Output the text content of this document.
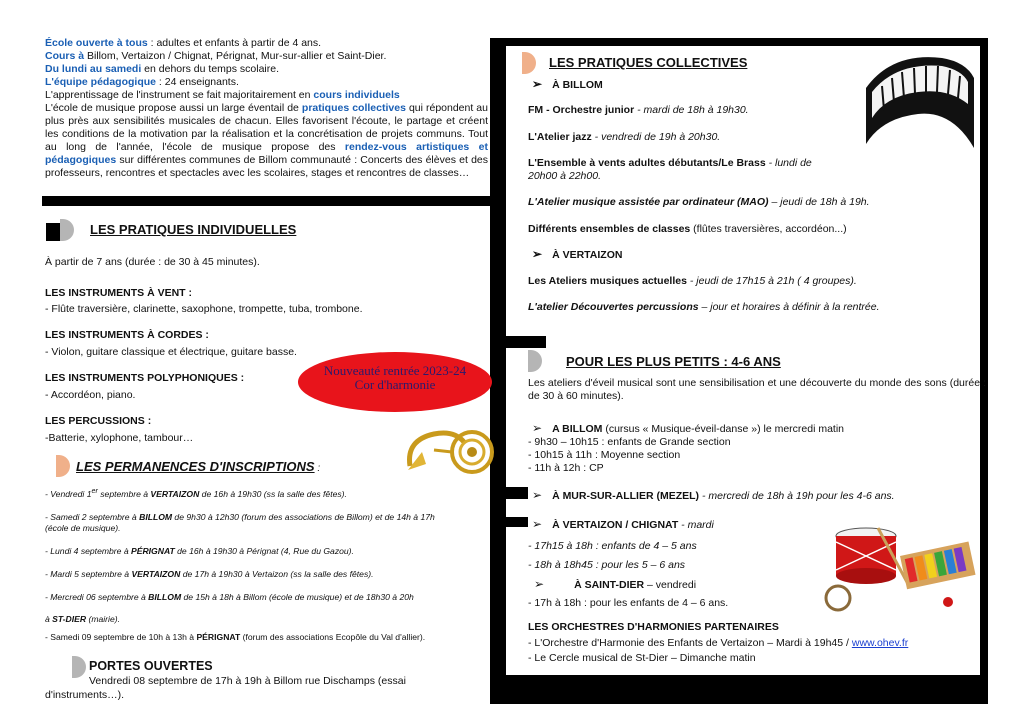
École ouverte à tous : adultes et enfants à partir de 4 ans.
Cours à Billom, Vertaizon / Chignat, Pérignat, Mur-sur-allier et Saint-Dier.
Du lundi au samedi en dehors du temps scolaire.
L'équipe pédagogique : 24 enseignants.
L'apprentissage de l'instrument se fait majoritairement en cours individuels
L'école de musique propose aussi un large éventail de pratiques collectives qui répondent au plus près aux sensibilités musicales de chacun. Elles favorisent l'écoute, le partage et créent les conditions de la motivation par la réalisation et la concrétisation de projets communs. Tout au long de l'année, l'école de musique propose des rendez-vous artistiques et pédagogiques sur différentes communes de Billom communauté : Concerts des élèves et des professeurs, rencontres et spectacles avec les scolaires, stages et rencontres de classes…
LES PRATIQUES INDIVIDUELLES
À partir de 7 ans (durée : de 30 à 45 minutes).
LES INSTRUMENTS À VENT :
- Flûte traversière, clarinette, saxophone, trompette, tuba, trombone.
LES INSTRUMENTS À CORDES :
- Violon, guitare classique et électrique, guitare basse.
LES INSTRUMENTS POLYPHONIQUES :
- Accordéon, piano.
LES PERCUSSIONS :
-Batterie, xylophone, tambour…
Nouveauté rentrée 2023-24
Cor d'harmonie
LES PERMANENCES D'INSCRIPTIONS :
- Vendredi 1er septembre à VERTAIZON de 16h à 19h30 (ss la salle des fêtes).
- Samedi 2 septembre à BILLOM de 9h30 à 12h30 (forum des associations de Billom) et de 14h à 17h
(école de musique).
- Lundi 4 septembre à PÉRIGNAT de 16h à 19h30 à Pérignat (4, Rue du Gazou).
- Mardi 5 septembre à VERTAIZON de 17h à 19h30 à Vertaizon (ss la salle des fêtes).
- Mercredi 06 septembre à BILLOM de 15h à 18h à Billom (école de musique) et de 18h30 à 20h
à ST-DIER (mairie).
- Samedi 09 septembre de 10h à 13h à PÉRIGNAT (forum des associations Ecopôle du Val d'allier).
PORTES OUVERTES
Vendredi 08 septembre de 17h à 19h à Billom rue Dischamps (essai
d'instruments…).
LES PRATIQUES COLLECTIVES
➢ À BILLOM
FM - Orchestre junior - mardi de 18h à 19h30.
L'Atelier jazz - vendredi de 19h à 20h30.
L'Ensemble à vents adultes débutants/Le Brass - lundi de
20h00 à 22h00.
L'Atelier musique assistée par ordinateur (MAO) – jeudi de 18h à 19h.
Différents ensembles de classes (flûtes traversières, accordéon...)
➢ À VERTAIZON
Les Ateliers musiques actuelles - jeudi de 17h15 à 21h ( 4 groupes).
L'atelier Découvertes percussions – jour et horaires à définir à la rentrée.
POUR LES PLUS PETITS : 4-6 ANS
Les ateliers d'éveil musical sont une sensibilisation et une découverte du monde des sons (durée : de 30 à 60 minutes).
➢ A BILLOM (cursus « Musique-éveil-danse ») le mercredi matin
- 9h30 – 10h15 : enfants de Grande section
- 10h15 à 11h : Moyenne section
- 11h à 12h : CP
➢ À MUR-SUR-ALLIER (MEZEL) - mercredi de 18h à 19h pour les 4-6 ans.
➢ À VERTAIZON / CHIGNAT - mardi
- 17h15 à 18h : enfants de 4 – 5 ans
- 18h à 18h45 : pour les 5 – 6 ans
➢	À SAINT-DIER – vendredi
- 17h à 18h : pour les enfants de 4 – 6 ans.
LES ORCHESTRES D'HARMONIES PARTENAIRES
- L'Orchestre d'Harmonie des Enfants de Vertaizon – Mardi à 19h45 / www.ohev.fr
- Le Cercle musical de St-Dier – Dimanche matin
